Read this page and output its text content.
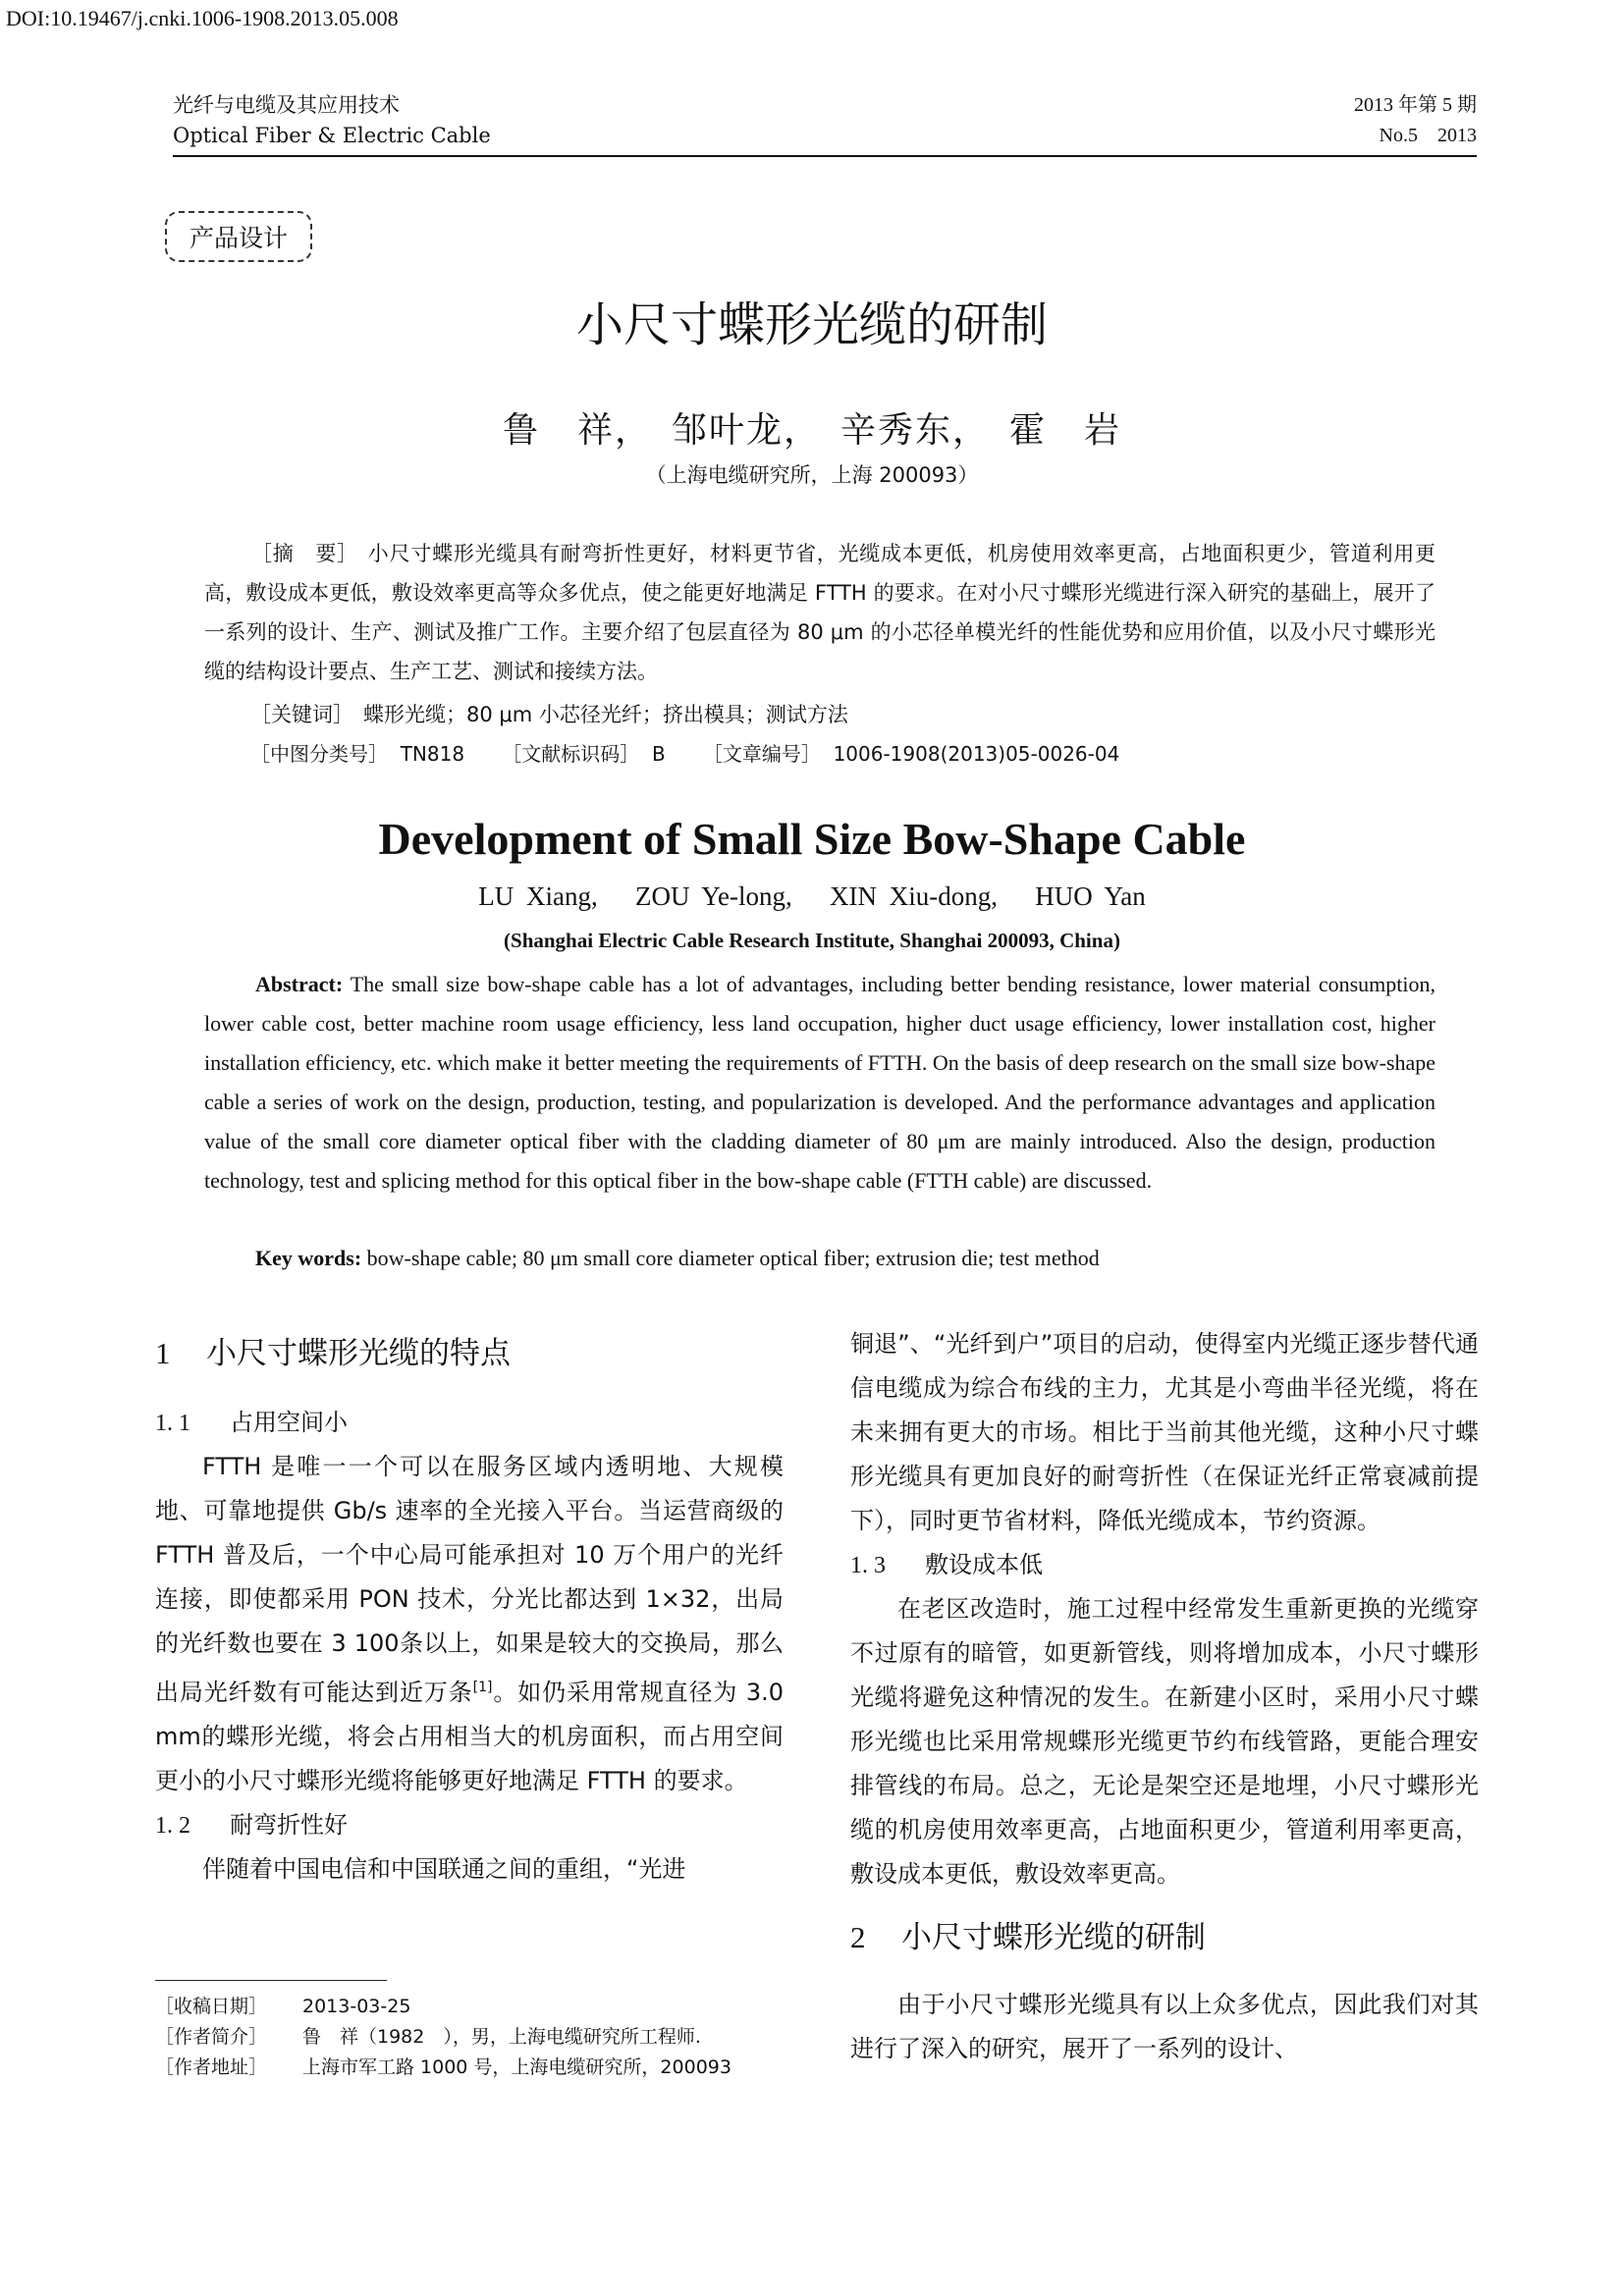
DOI:10.19467/j.cnki.1006-1908.2013.05.008
光纤与电缆及其应用技术
Optical Fiber & Electric Cable
2013 年第 5 期
No.5    2013
产品设计
小尺寸蝶形光缆的研制
鲁　祥，　邹叶龙，　辛秀东，　霍　岩
（上海电缆研究所，上海 200093）
［摘　要］ 小尺寸蝶形光缆具有耐弯折性更好，材料更节省，光缆成本更低，机房使用效率更高，占地面积更少，管道利用更高，敷设成本更低，敷设效率更高等众多优点，使之能更好地满足 FTTH 的要求。在对小尺寸蝶形光缆进行深入研究的基础上，展开了一系列的设计、生产、测试及推广工作。主要介绍了包层直径为 80 μm 的小芯径单模光纤的性能优势和应用价值，以及小尺寸蝶形光缆的结构设计要点、生产工艺、测试和接续方法。
［关键词］ 蝶形光缆；80 μm 小芯径光纤；挤出模具；测试方法
［中图分类号］ TN818 ［文献标识码］ B ［文章编号］ 1006-1908(2013)05-0026-04
Development of Small Size Bow-Shape Cable
LU Xiang,   ZOU Ye-long,   XIN Xiu-dong,   HUO Yan
(Shanghai Electric Cable Research Institute, Shanghai 200093, China)
Abstract: The small size bow-shape cable has a lot of advantages, including better bending resistance, lower material consumption, lower cable cost, better machine room usage efficiency, less land occupation, higher duct usage efficiency, lower installation cost, higher installation efficiency, etc. which make it better meeting the requirements of FTTH. On the basis of deep research on the small size bow-shape cable a series of work on the design, production, testing, and popularization is developed. And the performance advantages and application value of the small core diameter optical fiber with the cladding diameter of 80 μm are mainly introduced. Also the design, production technology, test and splicing method for this optical fiber in the bow-shape cable (FTTH cable) are discussed.
Key words: bow-shape cable; 80 μm small core diameter optical fiber; extrusion die; test method
1 小尺寸蝶形光缆的特点
1. 1 占用空间小

FTTH 是唯一一个可以在服务区域内透明地、大规模地、可靠地提供 Gb/s 速率的全光接入平台。当运营商级的 FTTH 普及后，一个中心局可能承担对 10 万个用户的光纤连接，即使都采用 PON 技术，分光比都达到 1×32，出局的光纤数也要在 3 100条以上，如果是较大的交换局，那么出局光纤数有可能达到近万条[1]。如仍采用常规直径为 3.0 mm的蝶形光缆，将会占用相当大的机房面积，而占用空间更小的小尺寸蝶形光缆将能够更好地满足 FTTH 的要求。

1. 2 耐弯折性好

伴随着中国电信和中国联通之间的重组，“光进

［收稿日期］	2013-03-25
［作者简介］	鲁　祥（1982　），男，上海电缆研究所工程师.
［作者地址］	上海市军工路 1000 号，上海电缆研究所，200093

铜退”、“光纤到户”项目的启动，使得室内光缆正逐步替代通信电缆成为综合布线的主力，尤其是小弯曲半径光缆，将在未来拥有更大的市场。相比于当前其他光缆，这种小尺寸蝶形光缆具有更加良好的耐弯折性（在保证光纤正常衰减前提下），同时更节省材料，降低光缆成本，节约资源。

1. 3 敷设成本低

在老区改造时，施工过程中经常发生重新更换的光缆穿不过原有的暗管，如更新管线，则将增加成本，小尺寸蝶形光缆将避免这种情况的发生。在新建小区时，采用小尺寸蝶形光缆也比采用常规蝶形光缆更节约布线管路，更能合理安排管线的布局。总之，无论是架空还是地埋，小尺寸蝶形光缆的机房使用效率更高，占地面积更少，管道利用率更高，敷设成本更低，敷设效率更高。

2 小尺寸蝶形光缆的研制

由于小尺寸蝶形光缆具有以上众多优点，因此我们对其进行了深入的研究，展开了一系列的设计、
